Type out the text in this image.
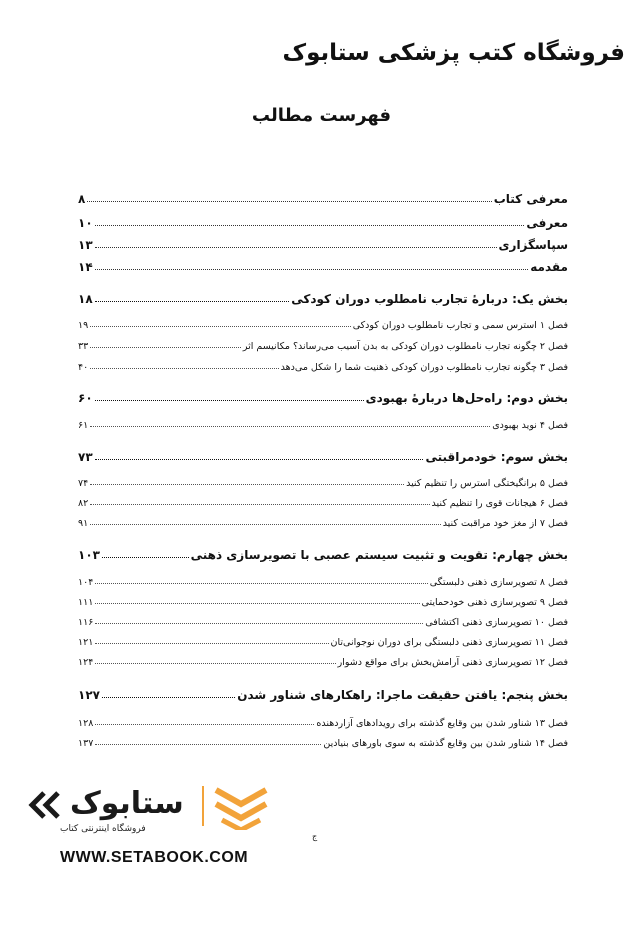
فروشگاه کتب پزشکی ستابوک
فهرست مطالب
معرفی کتاب
۸
معرفی
۱۰
سپاسگزاری
۱۳
مقدمه
۱۴
بخش یک: دربارهٔ تجارب نامطلوب دوران کودکی
۱۸
فصل ۱ استرس سمی و تجارب نامطلوب دوران کودکی
۱۹
فصل ۲ چگونه تجارب نامطلوب دوران کودکی به بدن آسیب می‌رساند؟ مکانیسم اثر
۳۳
فصل ۳ چگونه تجارب نامطلوب دوران کودکی ذهنیت شما را شکل می‌دهد
۴۰
بخش دوم: راه‌حل‌ها دربارهٔ بهبودی
۶۰
فصل ۴ نوید بهبودی
۶۱
بخش سوم: خودمراقبتی
۷۳
فصل ۵ برانگیختگی استرس را تنظیم کنید
۷۴
فصل ۶ هیجانات قوی را تنظیم کنید
۸۲
فصل ۷ از مغز خود مراقبت کنید
۹۱
بخش چهارم: تقویت و تثبیت سیستم عصبی با تصویرسازی ذهنی
۱۰۳
فصل ۸ تصویرسازی ذهنی دلبستگی
۱۰۴
فصل ۹ تصویرسازی ذهنی خودحمایتی
۱۱۱
فصل ۱۰ تصویرسازی ذهنی اکتشافی
۱۱۶
فصل ۱۱ تصویرسازی ذهنی دلبستگی برای دوران نوجوانی‌تان
۱۲۱
فصل ۱۲ تصویرسازی ذهنی آرامش‌بخش برای مواقع دشوار
۱۲۴
بخش پنجم: یافتن حقیقت ماجرا: راهکارهای شناور شدن
۱۲۷
فصل ۱۳ شناور شدن بین وقایع گذشته برای رویدادهای آزاردهنده
۱۲۸
فصل ۱۴ شناور شدن بین وقایع گذشته به سوی باورهای بنیادین
۱۳۷
ج
ستابوک
فروشگاه اینترنتی کتاب
WWW.SETABOOK.COM
